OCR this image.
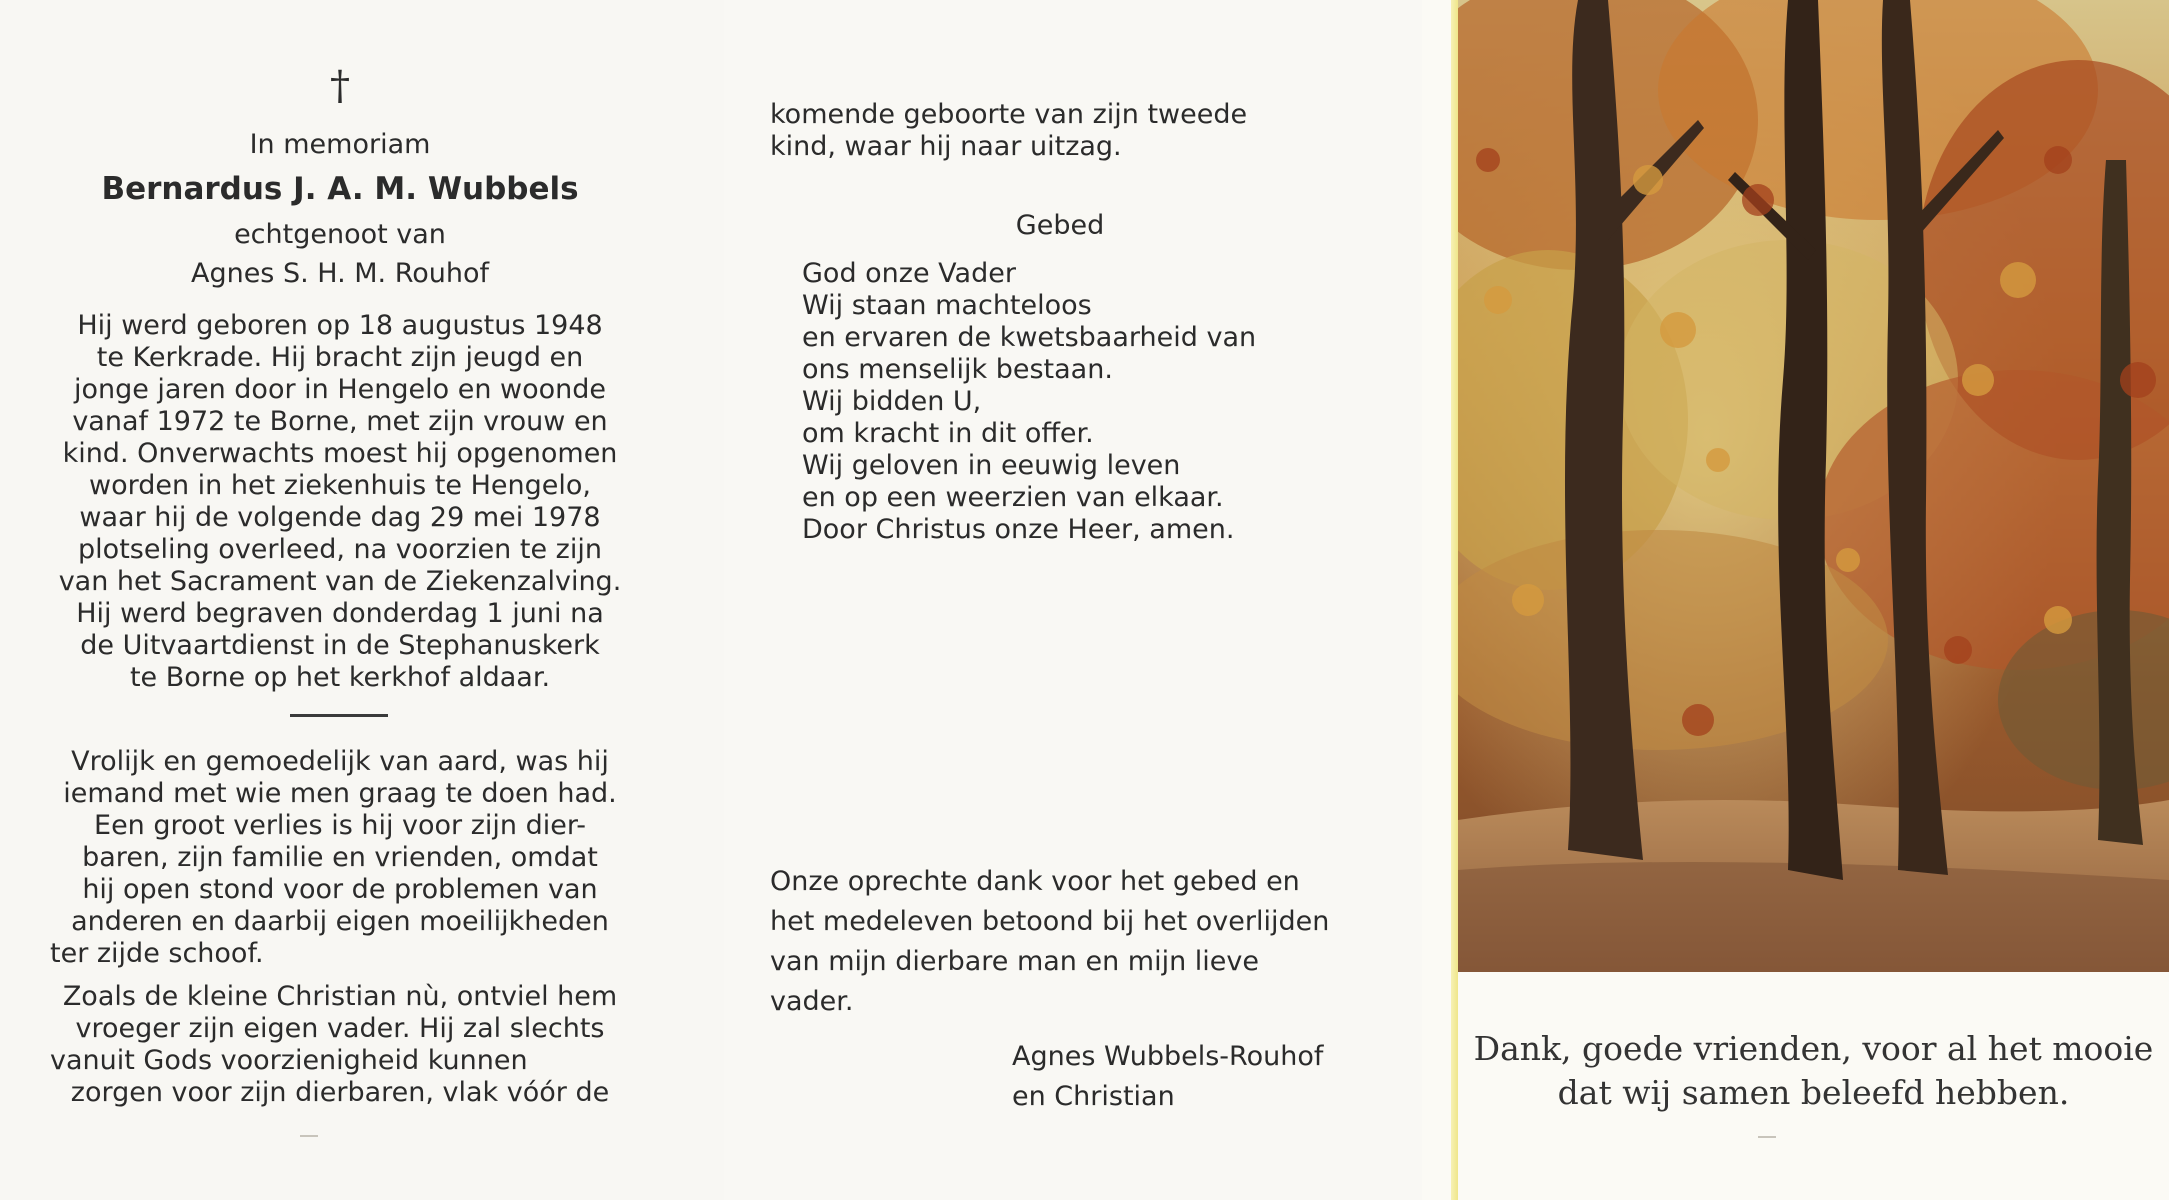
†
In memoriam
Bernardus J. A. M. Wubbels
echtgenoot van
Agnes S. H. M. Rouhof
Hij werd geboren op 18 augustus 1948
te Kerkrade. Hij bracht zijn jeugd en
jonge jaren door in Hengelo en woonde
vanaf 1972 te Borne, met zijn vrouw en
kind. Onverwachts moest hij opgenomen
worden in het ziekenhuis te Hengelo,
waar hij de volgende dag 29 mei 1978
plotseling overleed, na voorzien te zijn
van het Sacrament van de Ziekenzalving.
Hij werd begraven donderdag 1 juni na
de Uitvaartdienst in de Stephanuskerk
te Borne op het kerkhof aldaar.
Vrolijk en gemoedelijk van aard, was hij
iemand met wie men graag te doen had.
Een groot verlies is hij voor zijn dier-
baren, zijn familie en vrienden, omdat
hij open stond voor de problemen van
anderen en daarbij eigen moeilijkheden
ter zijde schoof.
Zoals de kleine Christian nù, ontviel hem
vroeger zijn eigen vader. Hij zal slechts
vanuit Gods voorzienigheid kunnen
zorgen voor zijn dierbaren, vlak vóór de
komende geboorte van zijn tweede
kind, waar hij naar uitzag.
Gebed
God onze Vader
Wij staan machteloos
en ervaren de kwetsbaarheid van
ons menselijk bestaan.
Wij bidden U,
om kracht in dit offer.
Wij geloven in eeuwig leven
en op een weerzien van elkaar.
Door Christus onze Heer, amen.
Onze oprechte dank voor het gebed en
het medeleven betoond bij het overlijden
van mijn dierbare man en mijn lieve
vader.
Agnes Wubbels-Rouhof
en Christian
Dank, goede vrienden, voor al het mooie
dat wij samen beleefd hebben.
